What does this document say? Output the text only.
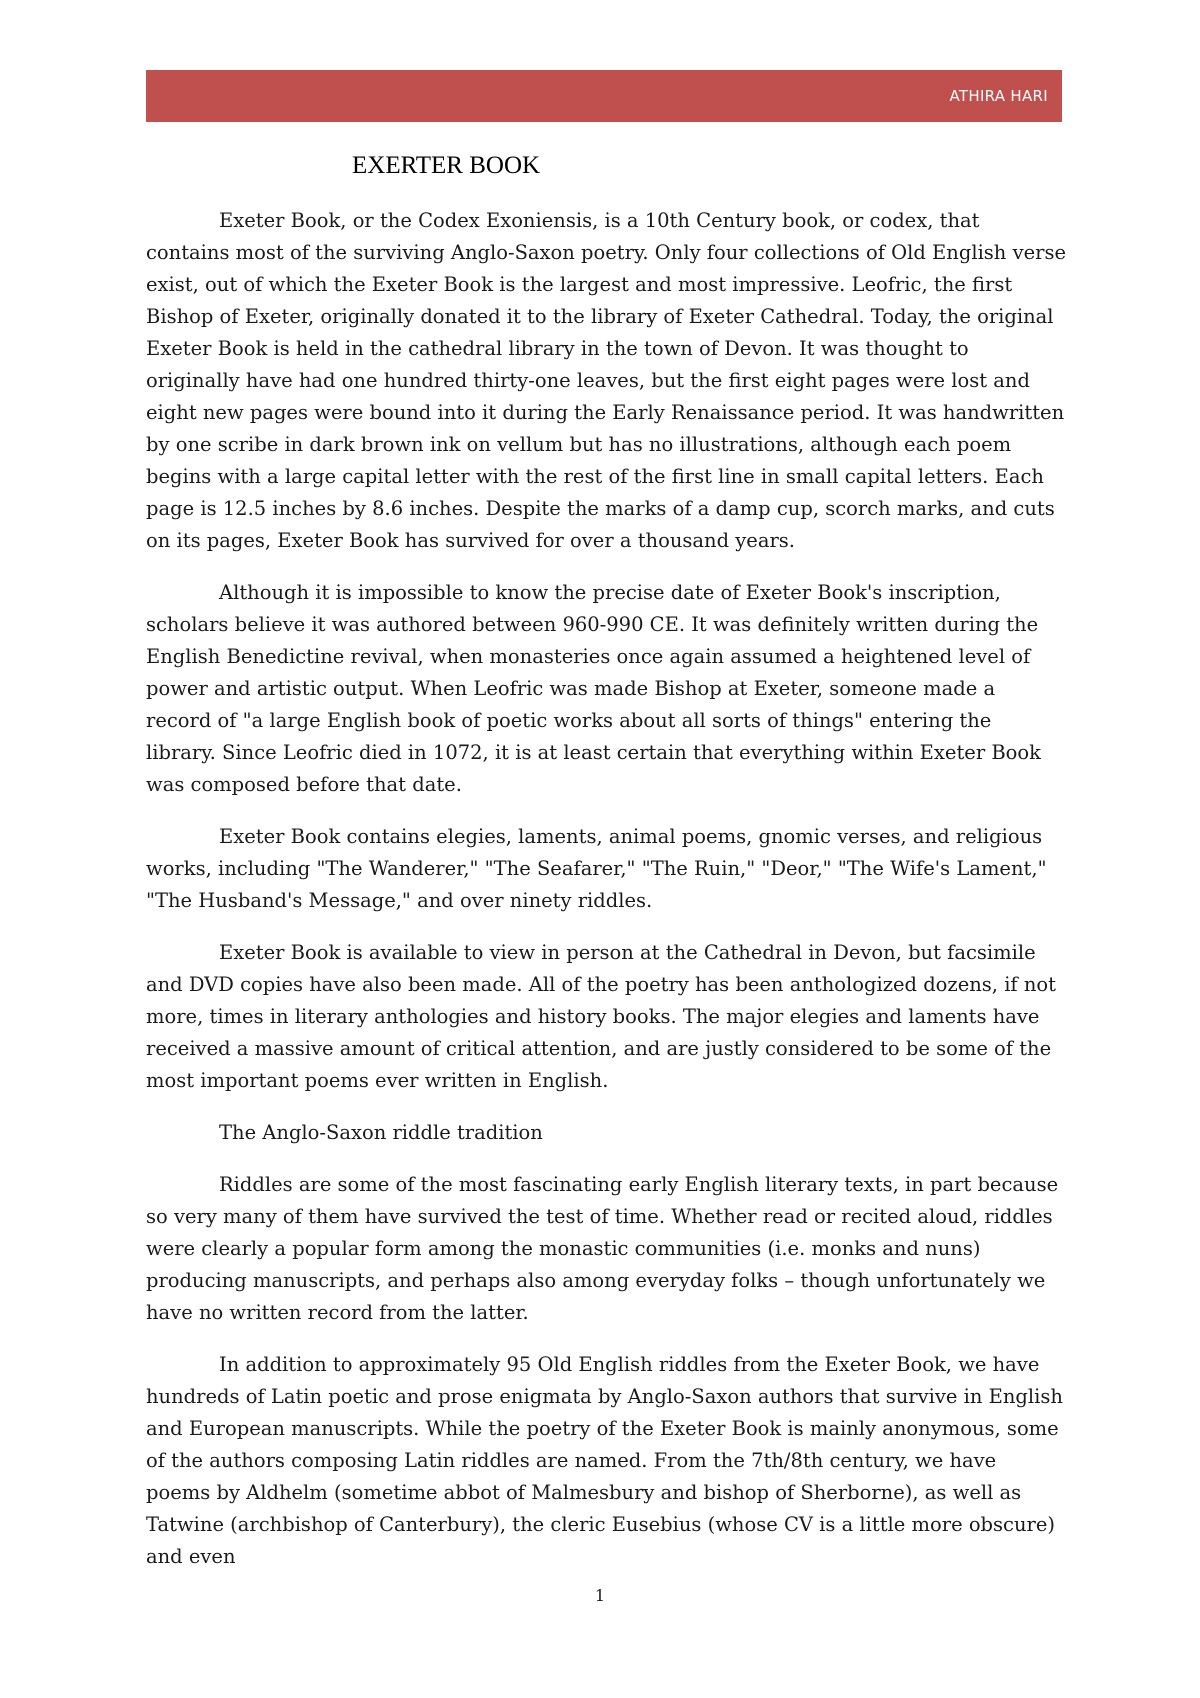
ATHIRA HARI
EXERTER BOOK

Exeter Book, or the Codex Exoniensis, is a 10th Century book, or codex, that contains most of the surviving Anglo-Saxon poetry. Only four collections of Old English verse exist, out of which the Exeter Book is the largest and most impressive. Leofric, the first Bishop of Exeter, originally donated it to the library of Exeter Cathedral. Today, the original Exeter Book is held in the cathedral library in the town of Devon. It was thought to originally have had one hundred thirty-one leaves, but the first eight pages were lost and eight new pages were bound into it during the Early Renaissance period. It was handwritten by one scribe in dark brown ink on vellum but has no illustrations, although each poem begins with a large capital letter with the rest of the first line in small capital letters. Each page is 12.5 inches by 8.6 inches. Despite the marks of a damp cup, scorch marks, and cuts on its pages, Exeter Book has survived for over a thousand years.

Although it is impossible to know the precise date of Exeter Book's inscription, scholars believe it was authored between 960-990 CE. It was definitely written during the English Benedictine revival, when monasteries once again assumed a heightened level of power and artistic output. When Leofric was made Bishop at Exeter, someone made a record of "a large English book of poetic works about all sorts of things" entering the library. Since Leofric died in 1072, it is at least certain that everything within Exeter Book was composed before that date.

Exeter Book contains elegies, laments, animal poems, gnomic verses, and religious works, including "The Wanderer," "The Seafarer," "The Ruin," "Deor," "The Wife's Lament," "The Husband's Message," and over ninety riddles.

Exeter Book is available to view in person at the Cathedral in Devon, but facsimile and DVD copies have also been made. All of the poetry has been anthologized dozens, if not more, times in literary anthologies and history books. The major elegies and laments have received a massive amount of critical attention, and are justly considered to be some of the most important poems ever written in English.

The Anglo-Saxon riddle tradition

Riddles are some of the most fascinating early English literary texts, in part because so very many of them have survived the test of time. Whether read or recited aloud, riddles were clearly a popular form among the monastic communities (i.e. monks and nuns) producing manuscripts, and perhaps also among everyday folks – though unfortunately we have no written record from the latter.

In addition to approximately 95 Old English riddles from the Exeter Book, we have hundreds of Latin poetic and prose enigmata by Anglo-Saxon authors that survive in English and European manuscripts. While the poetry of the Exeter Book is mainly anonymous, some of the authors composing Latin riddles are named. From the 7th/8th century, we have poems by Aldhelm (sometime abbot of Malmesbury and bishop of Sherborne), as well as Tatwine (archbishop of Canterbury), the cleric Eusebius (whose CV is a little more obscure) and even

1
